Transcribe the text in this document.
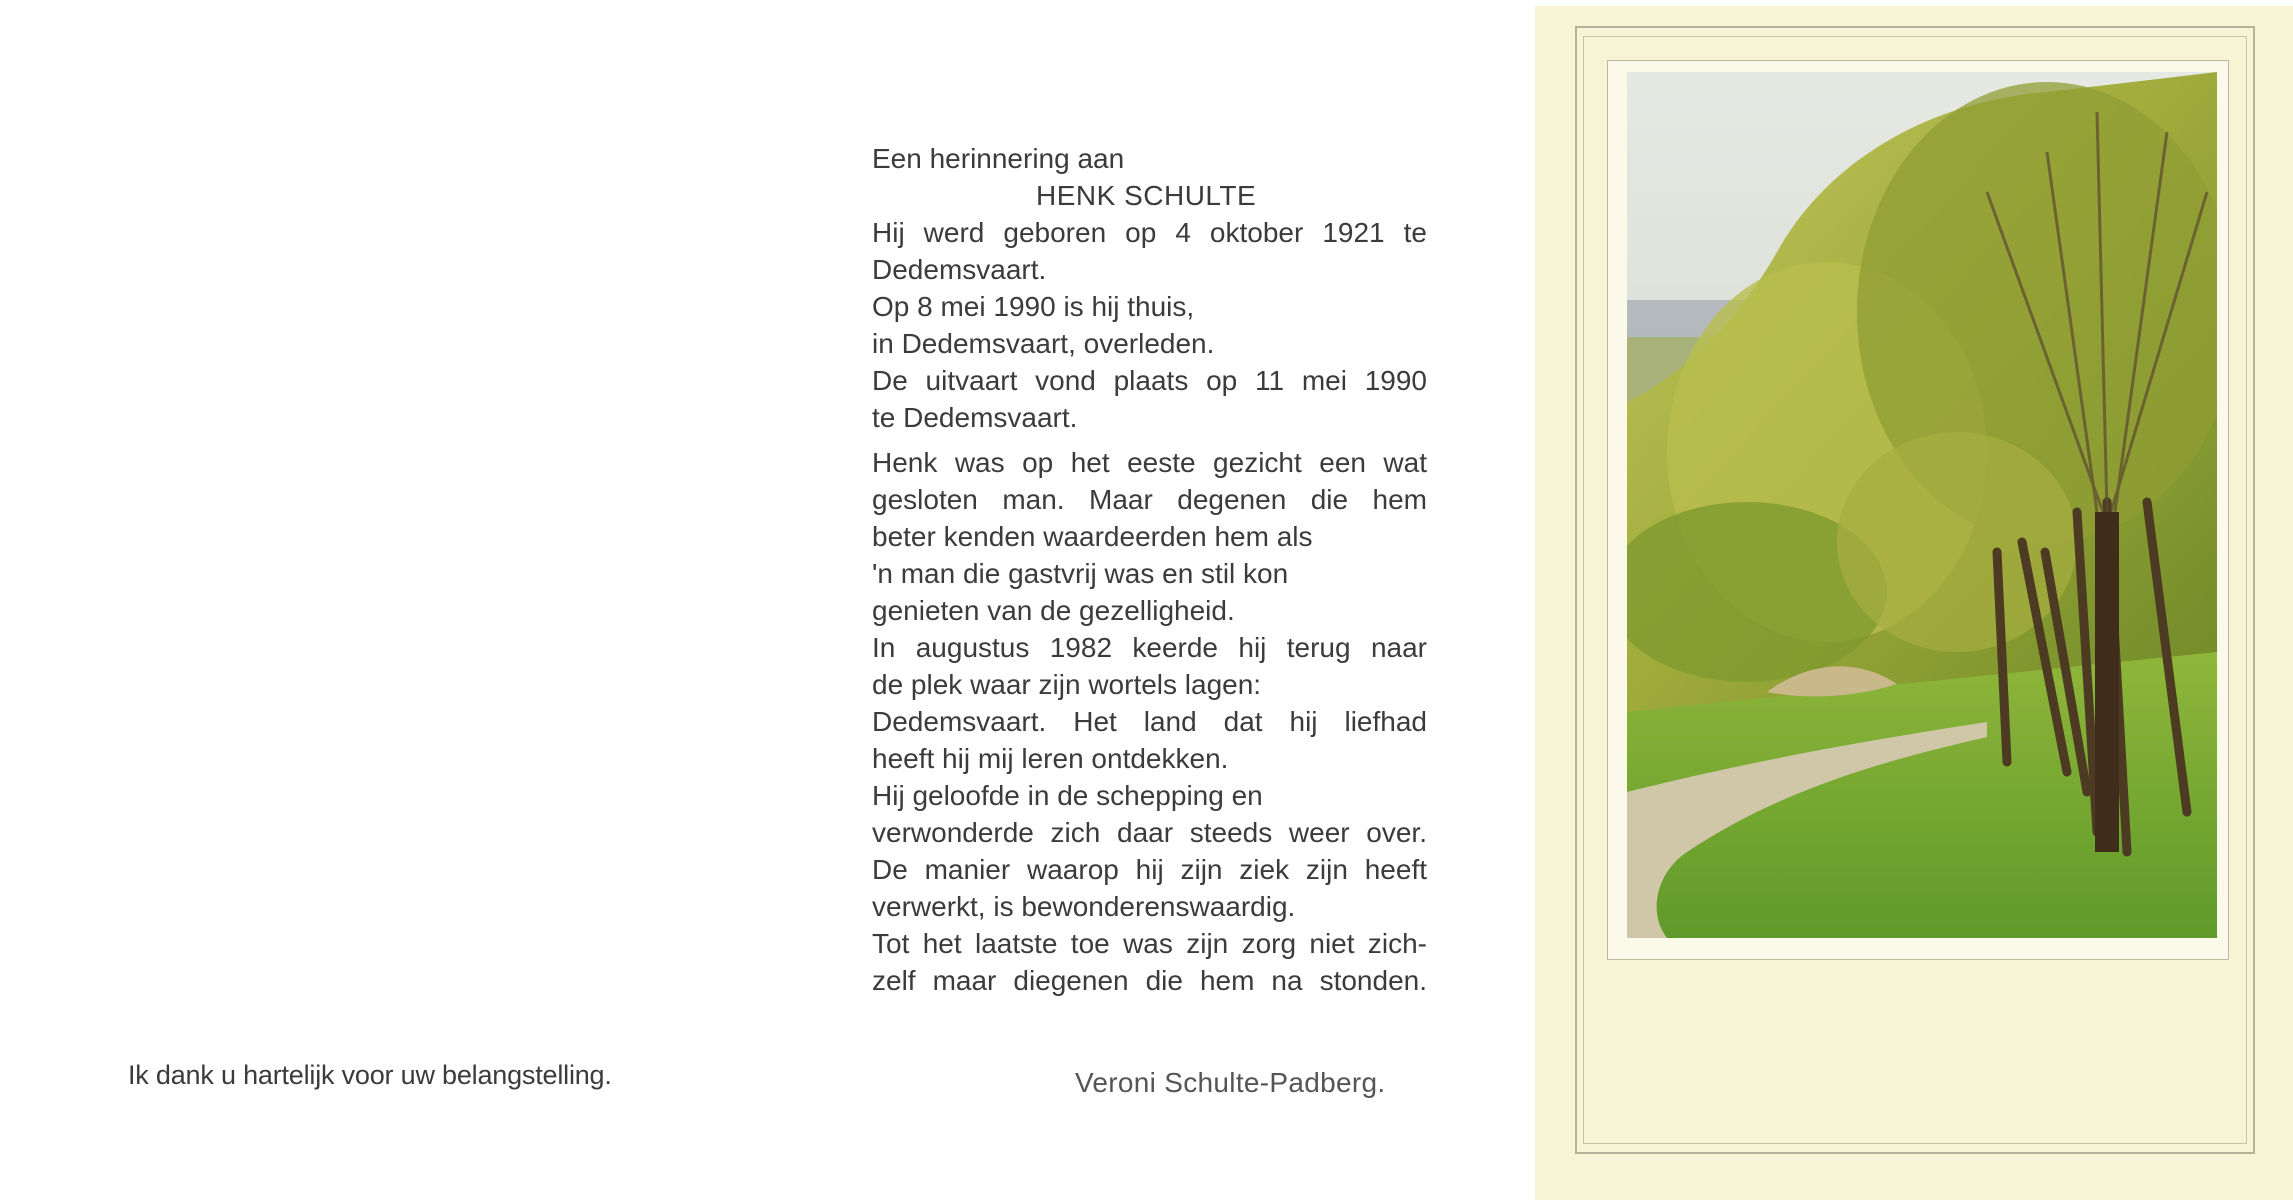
Een herinnering aan
HENK SCHULTE
Hij werd geboren op 4 oktober 1921 te
Dedemsvaart.
Op 8 mei 1990 is hij thuis,
in Dedemsvaart, overleden.
De uitvaart vond plaats op 11 mei 1990
te Dedemsvaart.
Henk was op het eeste gezicht een wat
gesloten man. Maar degenen die hem
beter kenden waardeerden hem als
'n man die gastvrij was en stil kon
genieten van de gezelligheid.
In augustus 1982 keerde hij terug naar
de plek waar zijn wortels lagen:
Dedemsvaart. Het land dat hij liefhad
heeft hij mij leren ontdekken.
Hij geloofde in de schepping en
verwonderde zich daar steeds weer over.
De manier waarop hij zijn ziek zijn heeft
verwerkt, is bewonderenswaardig.
Tot het laatste toe was zijn zorg niet zich-
zelf maar diegenen die hem na stonden.
Veroni Schulte-Padberg.
Ik dank u hartelijk voor uw belangstelling.
